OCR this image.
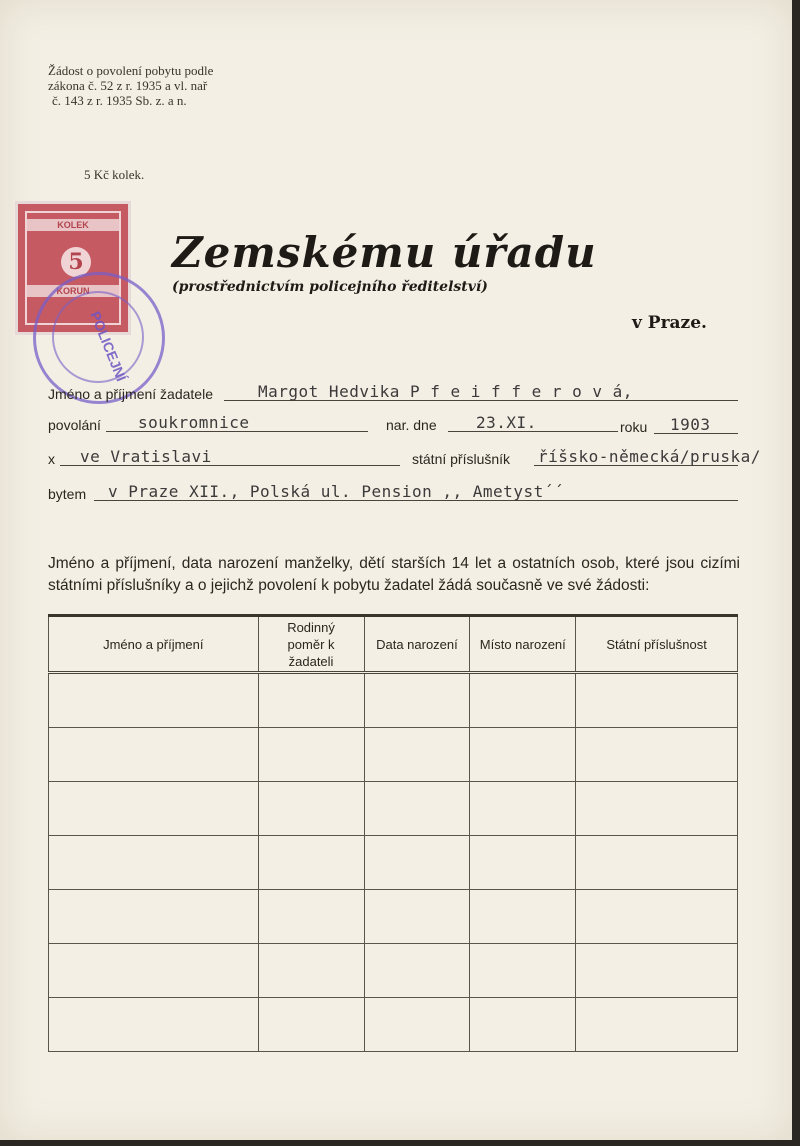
Žádost o povolení pobytu podle
zákona č. 52 z r. 1935 a vl. nař
č. 143 z r. 1935 Sb. z. a n.
5 Kč kolek.
KOLEK
5
KORUN
POLICEJNÍ
Zemskému úřadu
(prostřednictvím policejního ředitelství)
v Praze.
Jméno a příjmení žadatele	Margot Hedvika P f e i f f e r o v á,
povolání soukromnice	nar. dne 23.XI.	roku 1903
x ve Vratislavi	státní příslušník říšsko-německá/pruska/
bytem v Praze XII., Polská ul. Pension ,, Ametyst´´
Jméno a příjmení, data narození manželky, dětí starších 14 let a ostatních osob, které jsou cizími státními příslušníky a o jejichž povolení k pobytu žadatel žádá současně ve své žádosti:
Jméno a příjmení	Rodinný poměr k žadateli	Data narození	Místo narození	Státní příslušnost
